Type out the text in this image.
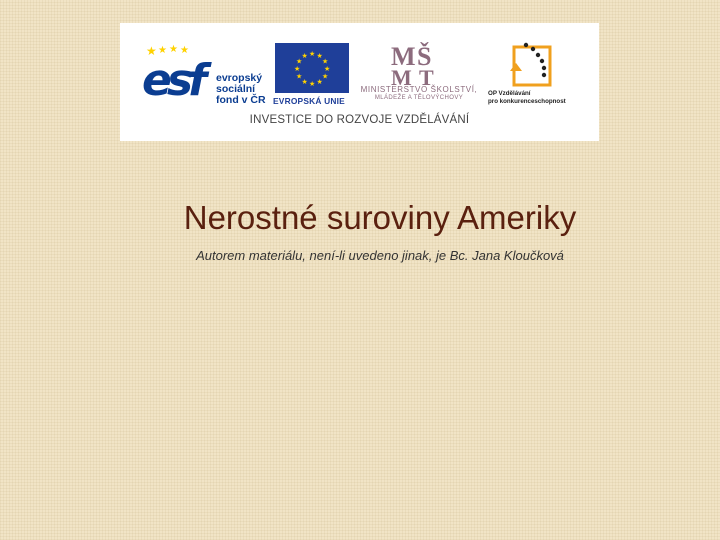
★ ★ ★ ★
esf	evropský
sociální
fond v ČR
★ ★
★
★
★
★
★
★
★
★
★
★
EVROPSKÁ UNIE
M Š
M T
MINISTERSTVO ŠKOLSTVÍ,
MLÁDEŽE A TĚLOVÝCHOVY
OP Vzdělávání
pro konkurenceschopnost
INVESTICE DO ROZVOJE VZDĚLÁVÁNÍ
Nerostné suroviny Ameriky
Autorem materiálu, není-li uvedeno jinak, je Bc. Jana Kloučková
